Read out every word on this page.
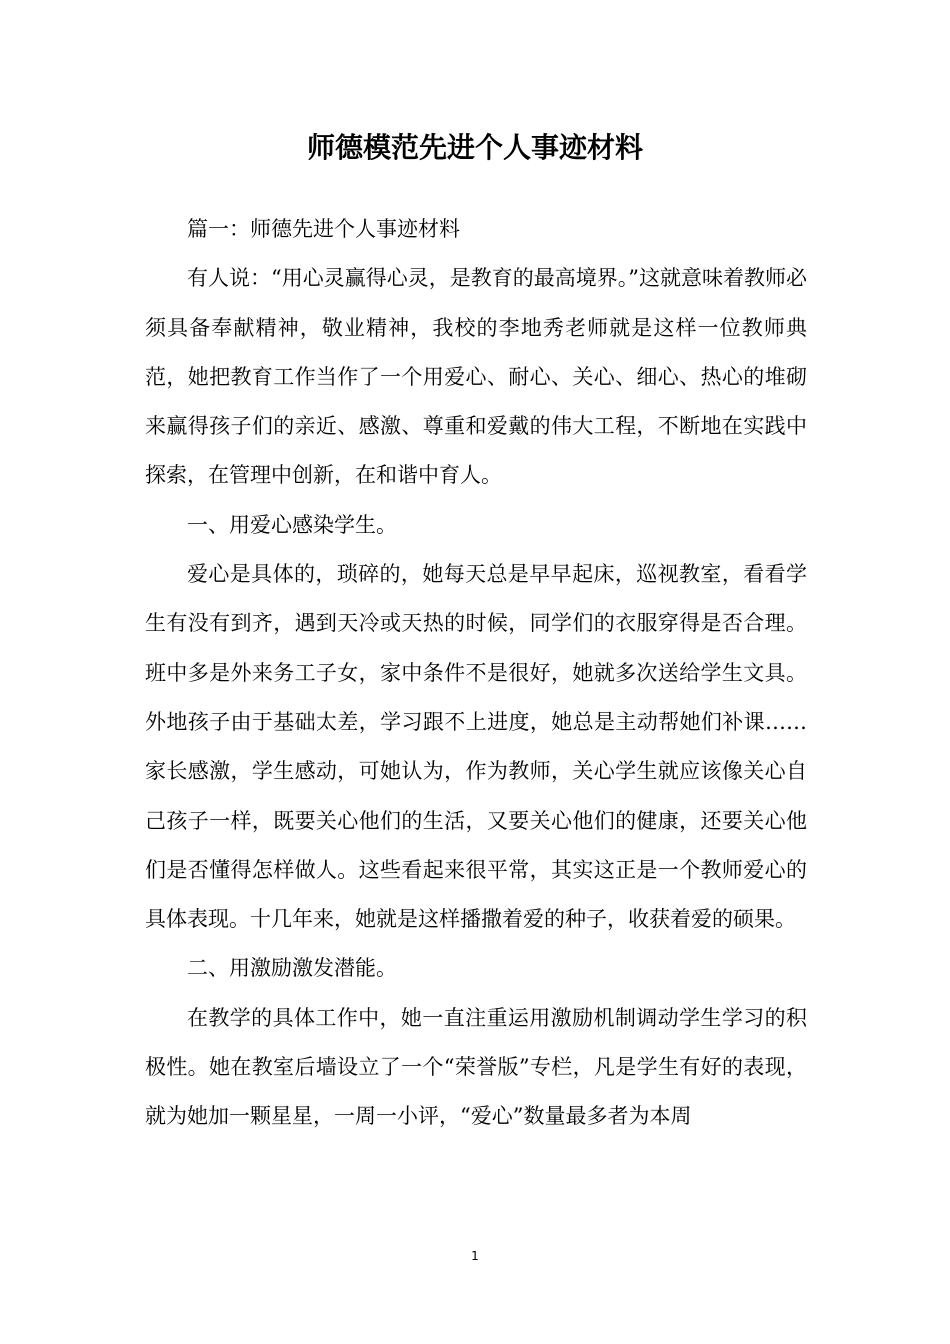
师德模范先进个人事迹材料

篇一：师德先进个人事迹材料

有人说：“用心灵赢得心灵，是教育的最高境界。”这就意味着教师必须具备奉献精神，敬业精神，我校的李地秀老师就是这样一位教师典范，她把教育工作当作了一个用爱心、耐心、关心、细心、热心的堆砌来赢得孩子们的亲近、感激、尊重和爱戴的伟大工程，不断地在实践中探索，在管理中创新，在和谐中育人。

一、用爱心感染学生。

爱心是具体的，琐碎的，她每天总是早早起床，巡视教室，看看学生有没有到齐，遇到天冷或天热的时候，同学们的衣服穿得是否合理。班中多是外来务工子女，家中条件不是很好，她就多次送给学生文具。外地孩子由于基础太差，学习跟不上进度，她总是主动帮她们补课……家长感激，学生感动，可她认为，作为教师，关心学生就应该像关心自己孩子一样，既要关心他们的生活，又要关心他们的健康，还要关心他们是否懂得怎样做人。这些看起来很平常，其实这正是一个教师爱心的具体表现。十几年来，她就是这样播撒着爱的种子，收获着爱的硕果。

二、用激励激发潜能。

在教学的具体工作中，她一直注重运用激励机制调动学生学习的积极性。她在教室后墙设立了一个“荣誉版”专栏，凡是学生有好的表现，就为她加一颗星星，一周一小评，“爱心”数量最多者为本周

1
